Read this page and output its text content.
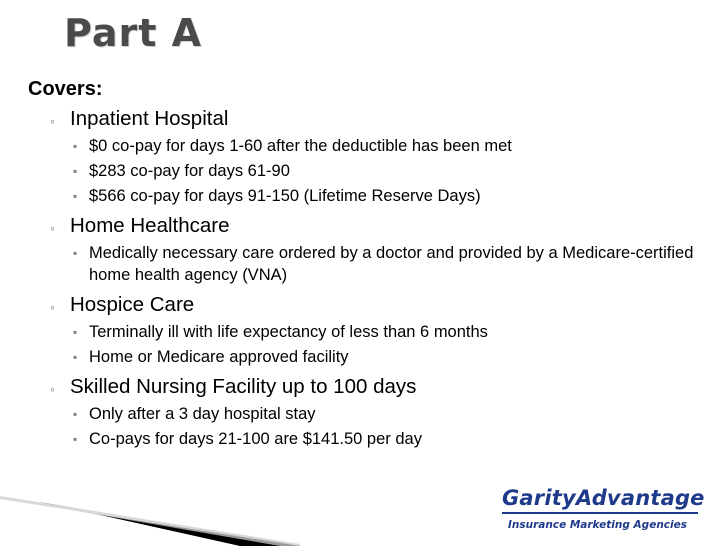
Part A
Covers:
◦ Inpatient Hospital
▪ $0 co-pay for days 1-60 after the deductible has been met
▪ $283 co-pay for days 61-90
▪ $566 co-pay for days 91-150 (Lifetime Reserve Days)
◦ Home Healthcare
▪ Medically necessary care ordered by a doctor and provided by a Medicare-certified home health agency (VNA)
◦ Hospice Care
▪ Terminally ill with life expectancy of less than 6 months
▪ Home or Medicare approved facility
◦ Skilled Nursing Facility up to 100 days
▪ Only after a 3 day hospital stay
▪ Co-pays for days 21-100 are $141.50 per day
GarityAdvantage
Insurance Marketing Agencies
